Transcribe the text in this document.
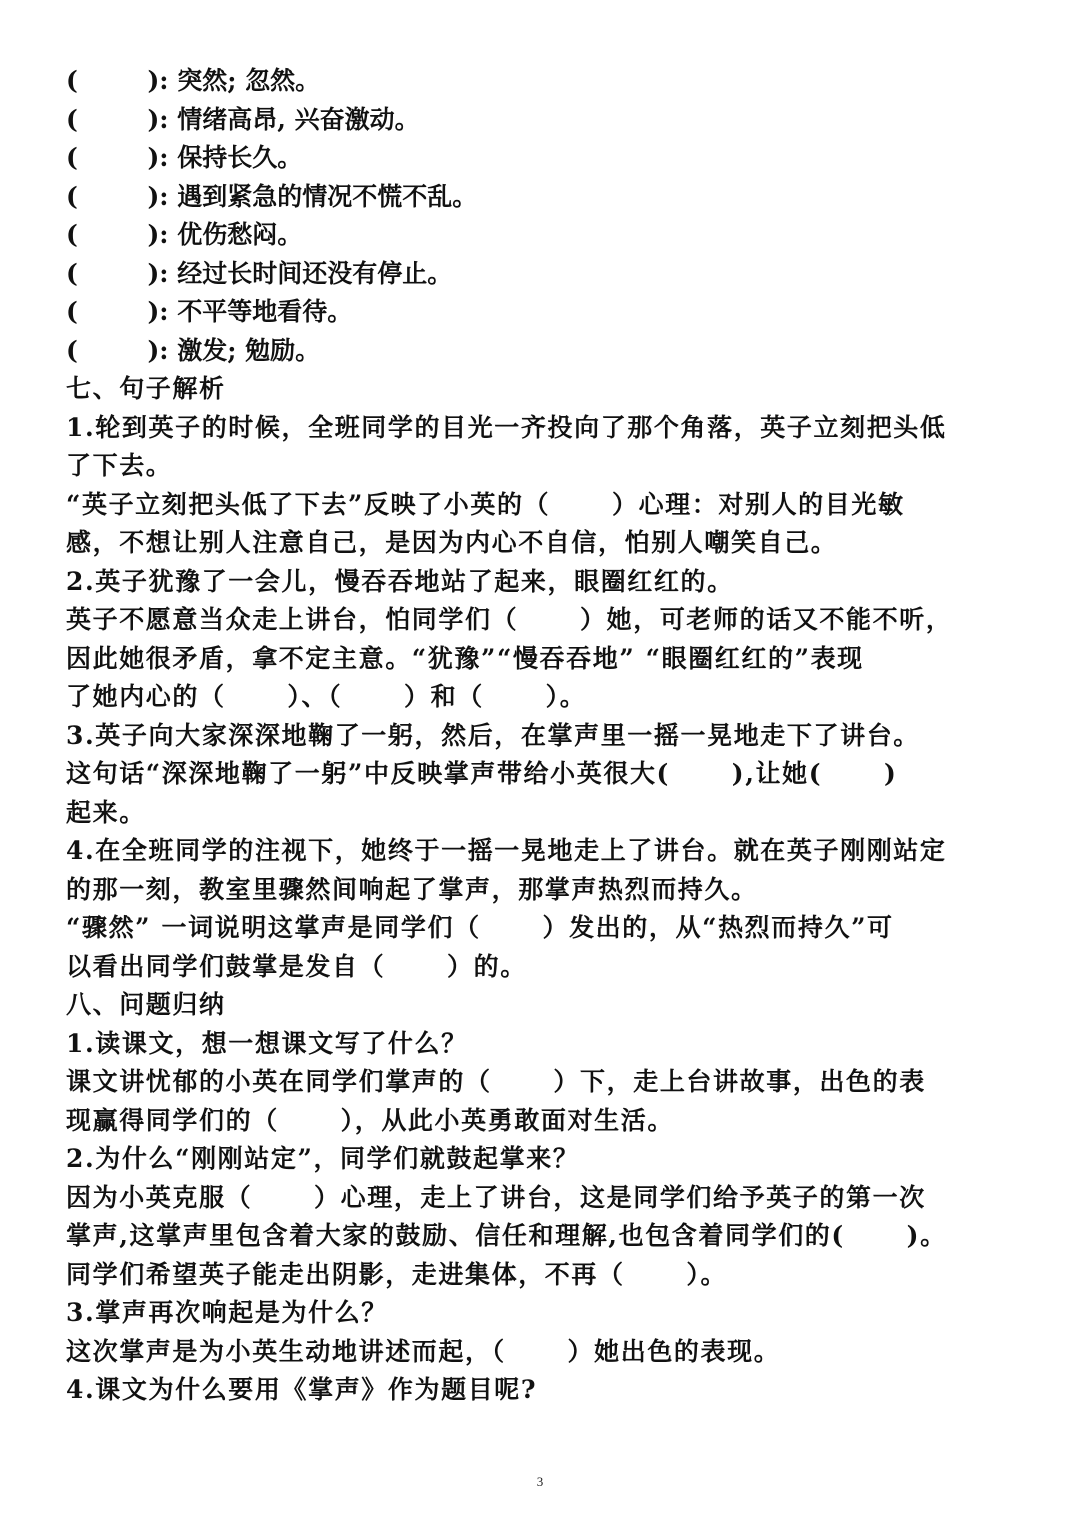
(        ): 突然; 忽然。
(        ): 情绪高昂, 兴奋激动。
(        ): 保持长久。
(        ): 遇到紧急的情况不慌不乱。
(        ): 优伤愁闷。
(        ): 经过长时间还没有停止。
(        ): 不平等地看待。
(        ): 激发; 勉励。
七、句子解析
1.轮到英子的时候，全班同学的目光一齐投向了那个角落，英子立刻把头低
了下去。
“英子立刻把头低了下去”反映了小英的（      ）心理：对别人的目光敏
感，不想让别人注意自己，是因为内心不自信，怕别人嘲笑自己。
2.英子犹豫了一会儿，慢吞吞地站了起来，眼圈红红的。
英子不愿意当众走上讲台，怕同学们（      ）她，可老师的话又不能不听，
因此她很矛盾，拿不定主意。“犹豫”“慢吞吞地” “眼圈红红的”表现
了她内心的（      ）、（      ）和（      ）。
3.英子向大家深深地鞠了一躬，然后，在掌声里一摇一晃地走下了讲台。
这句话“深深地鞠了一躬”中反映掌声带给小英很大(      ),让她(      )
起来。
4.在全班同学的注视下，她终于一摇一晃地走上了讲台。就在英子刚刚站定
的那一刻，教室里骤然间响起了掌声，那掌声热烈而持久。
“骤然” 一词说明这掌声是同学们（      ）发出的，从“热烈而持久”可
以看出同学们鼓掌是发自（      ）的。
八、问题归纳
1.读课文，想一想课文写了什么？
课文讲忧郁的小英在同学们掌声的（      ）下，走上台讲故事，出色的表
现赢得同学们的（      ），从此小英勇敢面对生活。
2.为什么“刚刚站定”，同学们就鼓起掌来？
因为小英克服（      ）心理，走上了讲台，这是同学们给予英子的第一次
掌声,这掌声里包含着大家的鼓励、信任和理解,也包含着同学们的(      )。
同学们希望英子能走出阴影，走进集体，不再（      ）。
3.掌声再次响起是为什么？
这次掌声是为小英生动地讲述而起，（      ）她出色的表现。
4.课文为什么要用《掌声》作为题目呢?
3
